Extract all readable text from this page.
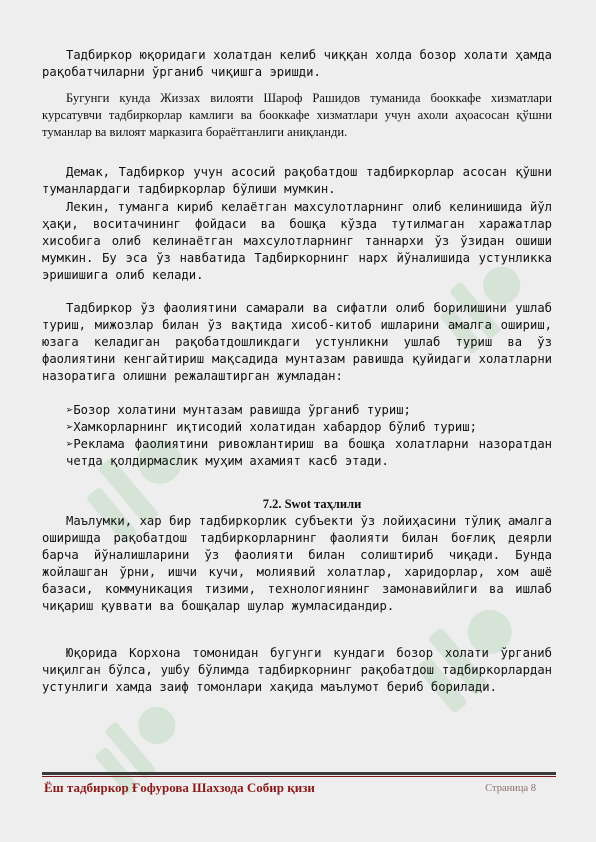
Тадбиркор юқоридаги холатдан келиб чиққан холда бозор холати ҳамда рақобатчиларни ўрганиб чиқишга эришди.

Бугунги кунда Жиззах вилояти Шароф Рашидов туманида бооккафе хизматлари курсатувчи тадбиркорлар камлиги ва бооккафе хизматлари учун ахоли аҳоасосан қўшни туманлар ва вилоят марказига бораётганлиги аниқланди.

Демак, Тадбиркор учун асосий рақобатдош тадбиркорлар асосан қўшни туманлардаги тадбиркорлар бўлиши мумкин.

Лекин, туманга кириб келаётган махсулотларнинг олиб келинишида йўл ҳақи, воситачининг фойдаси ва бошқа кўзда тутилмаган харажатлар хисобига олиб келинаётган махсулотларнинг таннархи ўз ўзидан ошиши мумкин. Бу эса ўз навбатида Тадбиркорнинг нарх йўналишида устунликка эришишига олиб келади.

Тадбиркор ўз фаолиятини самарали ва сифатли олиб борилишини ушлаб туриш, мижозлар билан ўз вақтида хисоб-китоб ишларини амалга ошириш, юзага келадиган рақобатдошликдаги устунликни ушлаб туриш ва ўз фаолиятини кенгайтириш мақсадида мунтазам равишда қуйидаги холатларни назоратига олишни режалаштирган жумладан:

➢Бозор холатини мунтазам равишда ўрганиб туриш;
➢Хамкорларнинг иқтисодий холатидан хабардор бўлиб туриш;
➢Реклама фаолиятини ривожлантириш ва бошқа холатларни назоратдан четда қолдирмаслик муҳим ахамият касб этади.
7.2. Swot таҳлили

Маълумки, хар бир тадбиркорлик субъекти ўз лойиҳасини тўлиқ амалга оширишда рақобатдош тадбиркорларнинг фаолияти билан боғлиқ деярли барча йўналишларини ўз фаолияти билан солиштириб чиқади. Бунда жойлашган ўрни, ишчи кучи, молиявий холатлар, харидорлар, хом ашё базаси, коммуникация тизими, технологиянинг замонавийлиги ва ишлаб чиқариш қуввати ва бошқалар шулар жумласидандир.

Юқорида Корхона томонидан бугунги кундаги бозор холати ўрганиб чиқилган бўлса, ушбу бўлимда тадбиркорнинг рақобатдош тадбиркорлардан устунлиги хамда заиф томонлари хақида маълумот бериб борилади.

Ёш тадбиркор Ғофурова Шахзода Собир қизи	Страница 8
